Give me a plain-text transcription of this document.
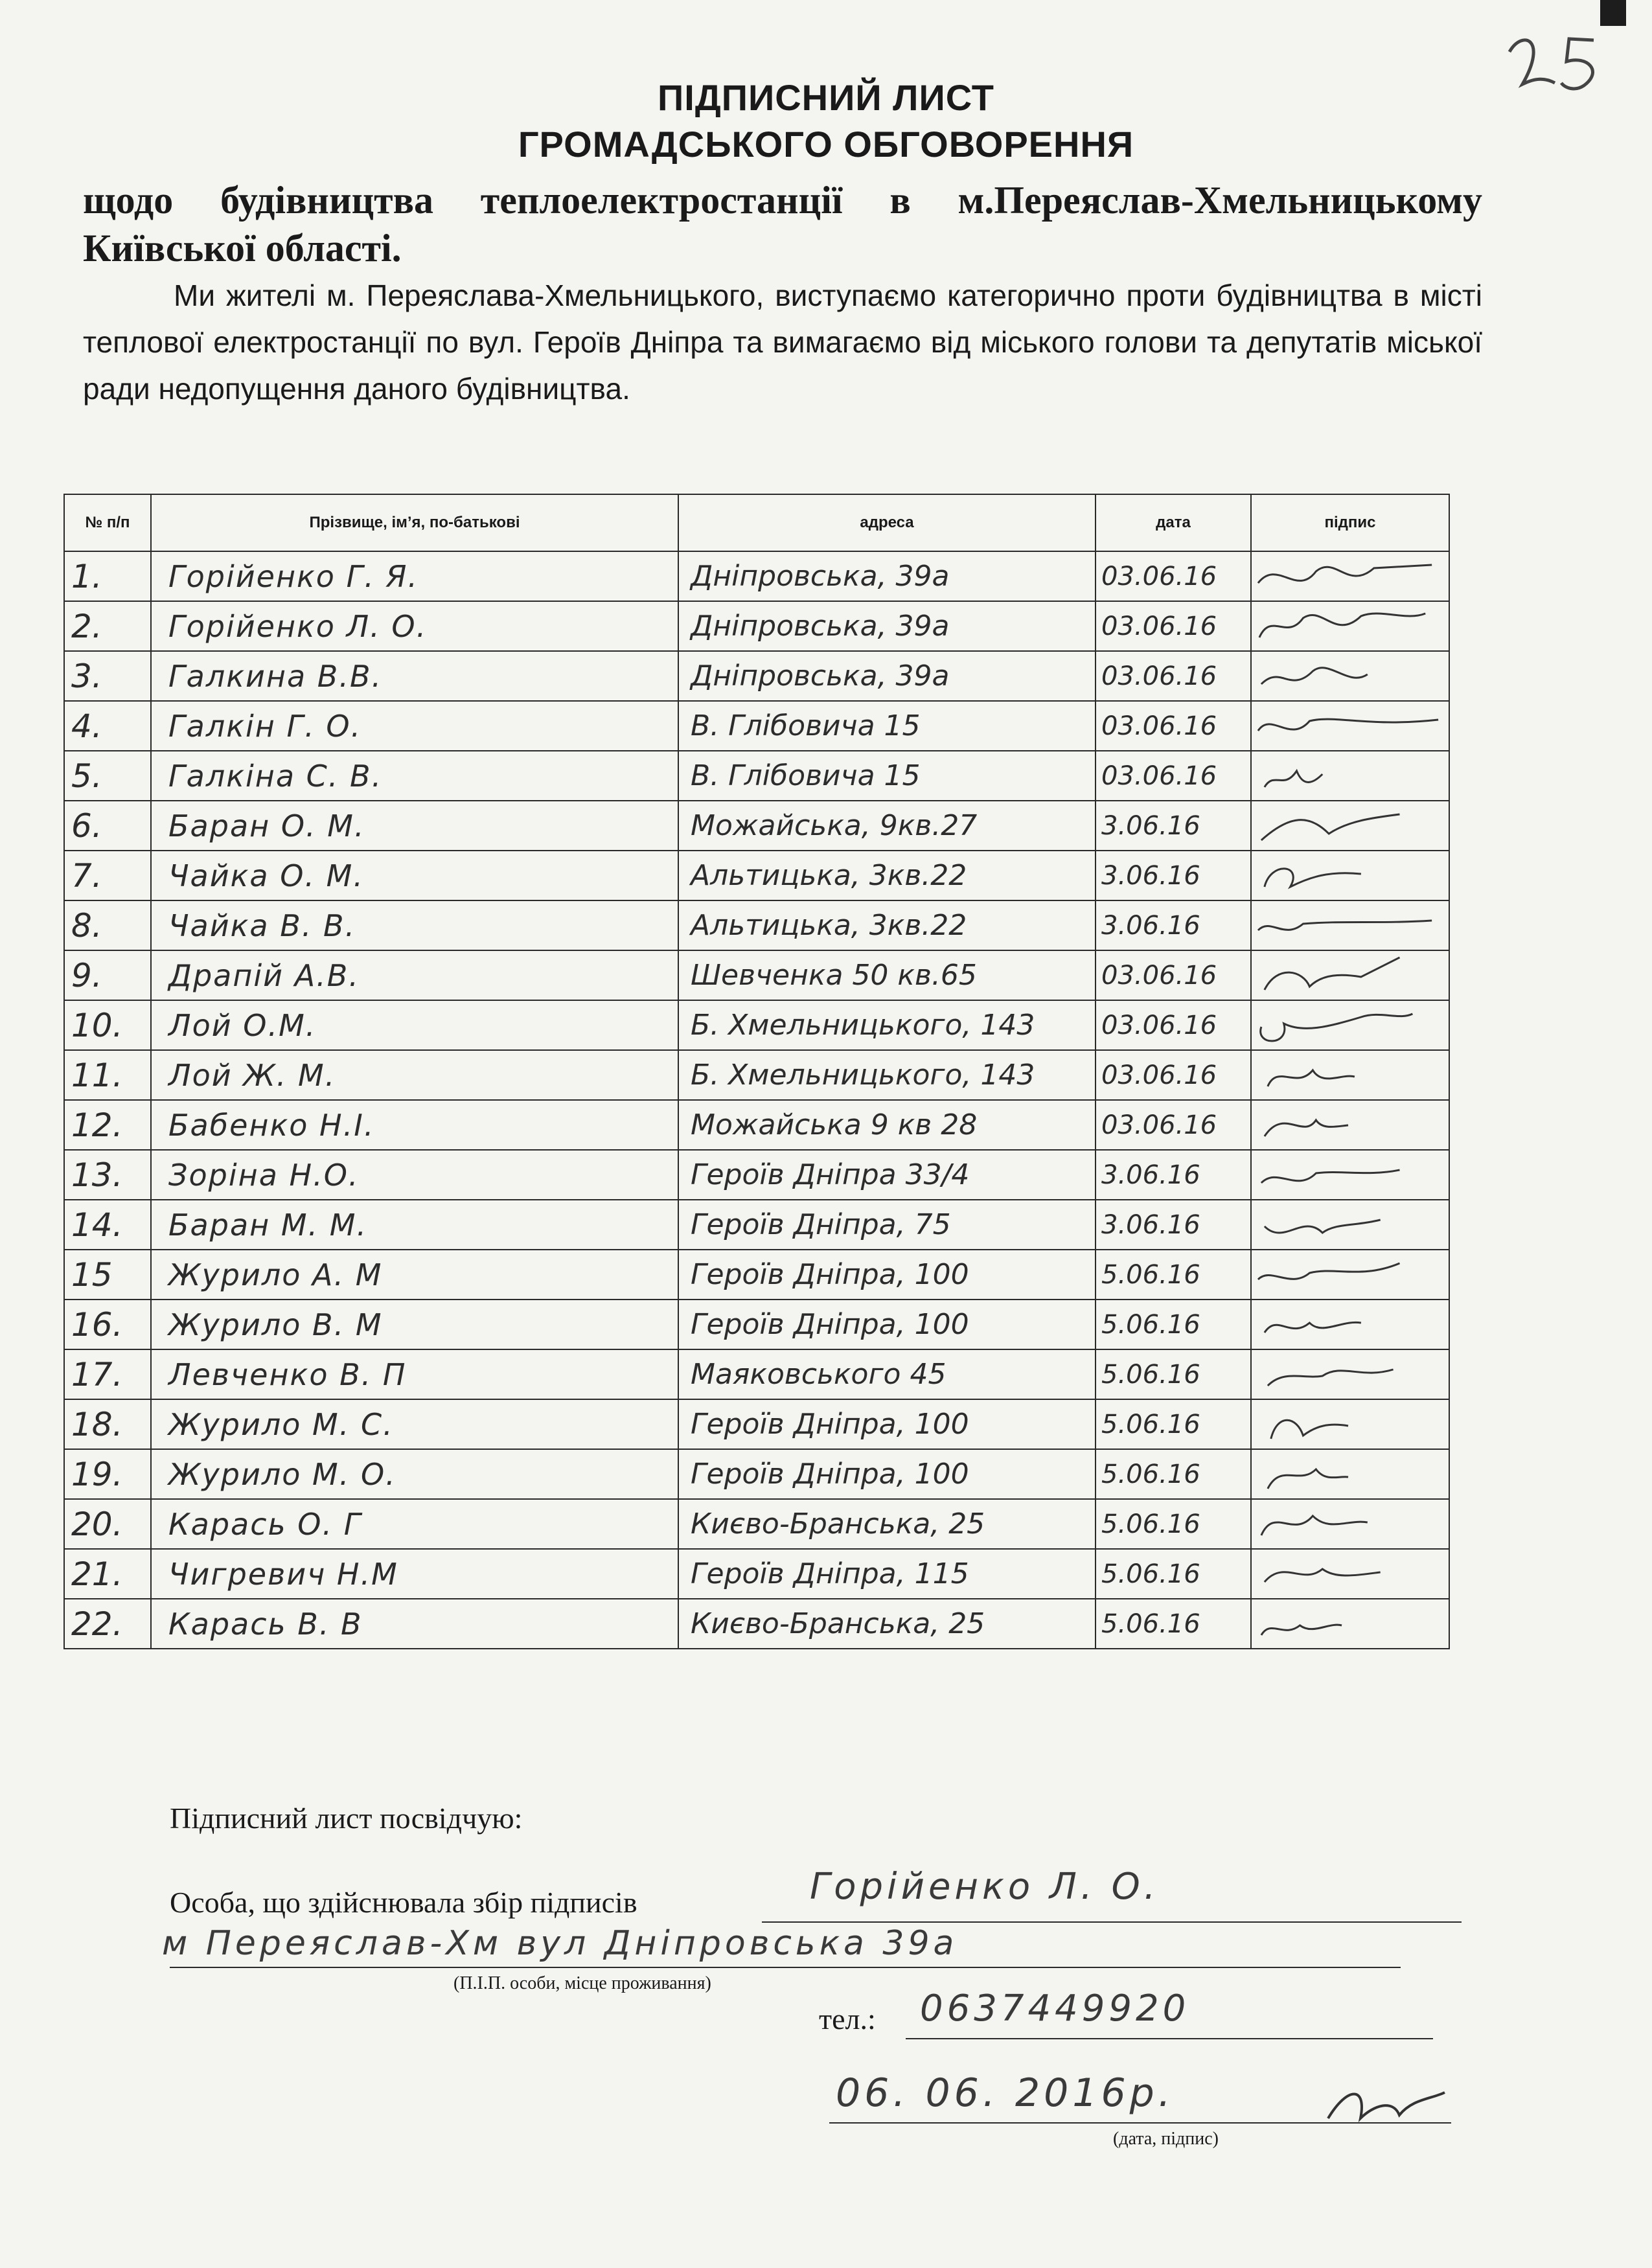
ПІДПИСНИЙ ЛИСТ
ГРОМАДСЬКОГО ОБГОВОРЕННЯ
щодо будівництва теплоелектростанції в м.Переяслав-Хмельницькому
Київської області.
Ми жителі м. Переяслава-Хмельницького, виступаємо категорично проти будівництва в місті теплової електростанції по вул. Героїв Дніпра та вимагаємо від міського голови та депутатів міської ради недопущення даного будівництва.
№ п/п	Прізвище, ім’я, по-батькові	адреса	дата	підпис
1.	Горійенко Г. Я.	Дніпровська, 39а	03.06.16	

2.	Горійенко Л. О.	Дніпровська, 39а	03.06.16	

3.	Галкина В.В.	Дніпровська, 39а	03.06.16	

4.	Галкін Г. О.	В. Глібовича 15	03.06.16	

5.	Галкіна С. В.	В. Глібовича 15	03.06.16	

6.	Баран О. М.	Можайська, 9кв.27	3.06.16	

7.	Чайка О. М.	Альтицька, 3кв.22	3.06.16	

8.	Чайка В. В.	Альтицька, 3кв.22	3.06.16	

9.	Драпій А.В.	Шевченка 50 кв.65	03.06.16	

10.	Лой О.М.	Б. Хмельницького, 143	03.06.16	

11.	Лой Ж. М.	Б. Хмельницького, 143	03.06.16	

12.	Бабенко Н.І.	Можайська 9 кв 28	03.06.16	

13.	Зоріна Н.О.	Героїв Дніпра 33/4	3.06.16	

14.	Баран М. М.	Героїв Дніпра, 75	3.06.16	

15	Журило А. М	Героїв Дніпра, 100	5.06.16	

16.	Журило В. М	Героїв Дніпра, 100	5.06.16	

17.	Левченко В. П	Маяковського 45	5.06.16	

18.	Журило М. С.	Героїв Дніпра, 100	5.06.16	

19.	Журило М. О.	Героїв Дніпра, 100	5.06.16	

20.	Карась О. Г	Києво-Бранська, 25	5.06.16	

21.	Чигревич Н.М	Героїв Дніпра, 115	5.06.16	

22.	Карась В. В	Києво-Бранська, 25	5.06.16	
Підписний лист посвідчую:
Особа, що здійснювала збір підписів	Горійенко Л. О.
м Переяслав-Хм вул Дніпровська 39а
(П.І.П. особи, місце проживання)
тел.: 0637449920
06. 06. 2016р.
(дата, підпис)
